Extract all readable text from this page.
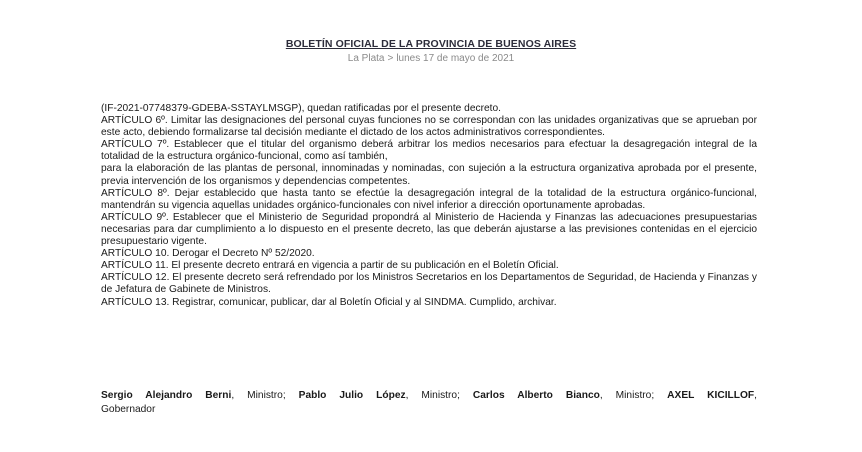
BOLETÍN OFICIAL DE LA PROVINCIA DE BUENOS AIRES
La Plata > lunes 17 de mayo de 2021

(IF-2021-07748379-GDEBA-SSTAYLMSGP), quedan ratificadas por el presente decreto.

ARTÍCULO 6º. Limitar las designaciones del personal cuyas funciones no se correspondan con las unidades organizativas que se aprueban por este acto, debiendo formalizarse tal decisión mediante el dictado de los actos administrativos correspondientes.

ARTÍCULO 7º. Establecer que el titular del organismo deberá arbitrar los medios necesarios para efectuar la desagregación integral de la totalidad de la estructura orgánico-funcional, como así también,

para la elaboración de las plantas de personal, innominadas y nominadas, con sujeción a la estructura organizativa aprobada por el presente, previa intervención de los organismos y dependencias competentes.

ARTÍCULO 8º. Dejar establecido que hasta tanto se efectúe la desagregación integral de la totalidad de la estructura orgánico-funcional, mantendrán su vigencia aquellas unidades orgánico-funcionales con nivel inferior a dirección oportunamente aprobadas.

ARTÍCULO 9º. Establecer que el Ministerio de Seguridad propondrá al Ministerio de Hacienda y Finanzas las adecuaciones presupuestarias necesarias para dar cumplimiento a lo dispuesto en el presente decreto, las que deberán ajustarse a las previsiones contenidas en el ejercicio presupuestario vigente.

ARTÍCULO 10. Derogar el Decreto Nº 52/2020.

ARTÍCULO 11. El presente decreto entrará en vigencia a partir de su publicación en el Boletín Oficial.

ARTÍCULO 12. El presente decreto será refrendado por los Ministros Secretarios en los Departamentos de Seguridad, de Hacienda y Finanzas y de Jefatura de Gabinete de Ministros.

ARTÍCULO 13. Registrar, comunicar, publicar, dar al Boletín Oficial y al SINDMA. Cumplido, archivar.

Sergio Alejandro Berni, Ministro; Pablo Julio López, Ministro; Carlos Alberto Bianco, Ministro; AXEL KICILLOF,
Gobernador
